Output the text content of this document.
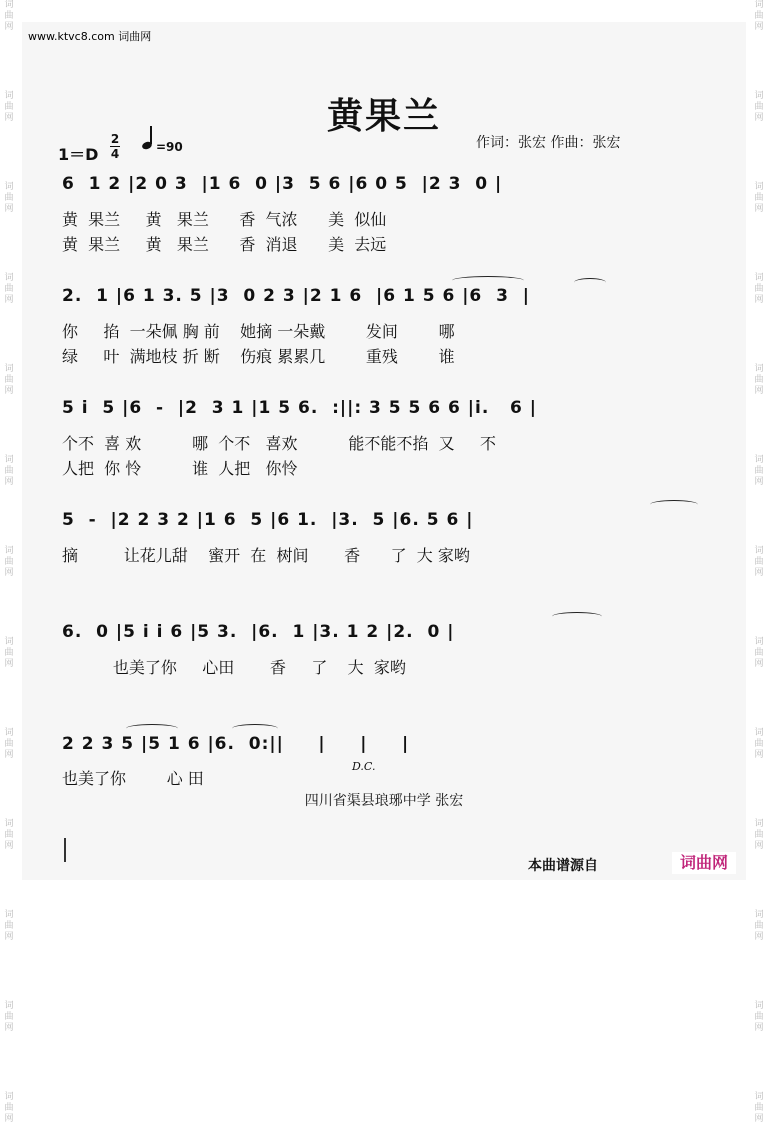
词
曲
网
词
曲
网
词
曲
网
词
曲
网
词
曲
网
词
曲
网
词
曲
网
词
曲
网
词
曲
网
词
曲
网
词
曲
网
词
曲
网
词
曲
网
词
曲
网
词
曲
网
词
曲
网
词
曲
网
词
曲
网
词
曲
网
词
曲
网
词
曲
网
词
曲
网
词
曲
网
词
曲
网
词
曲
网
词
曲
网
www.ktvc8.com 词曲网
黄果兰
1＝D
2
4	=90	作词：张宏 作曲：张宏
6  1 2 |2 0 3  |1 6  0 |3  5 6 |6 0 5  |2 3  0 |
黄  果兰     黄   果兰      香  气浓      美  似仙
黄  果兰     黄   果兰      香  消退      美  去远
2.  1 |6 1 3. 5 |3  0 2 3 |2 1 6  |6 1 5 6 |6  3  |
你     掐  一朵佩 胸 前    她摘 一朵戴        发间        哪
绿     叶  满地枝 折 断    伤痕 累累几        重残        谁
5 i  5 |6  -  |2  3 1 |1 5 6.  :||: 3 5 5 6 6 |i.   6 |
个不  喜 欢          哪  个不   喜欢          能不能不掐  又     不
人把  你 怜          谁  人把   你怜
5  -  |2 2 3 2 |1 6  5 |6 1.  |3.  5 |6. 5 6 |
摘         让花儿甜    蜜开  在  树间       香      了  大 家哟
6.  0 |5 i i 6 |5 3.  |6.  1 |3. 1 2 |2.  0 |
也美了你     心田       香     了    大  家哟
2 2 3 5 |5 1 6 |6.  0:||     |     |     |
D.C.
也美了你        心 田
四川省渠县琅琊中学 张宏
本曲谱源自	词曲网
